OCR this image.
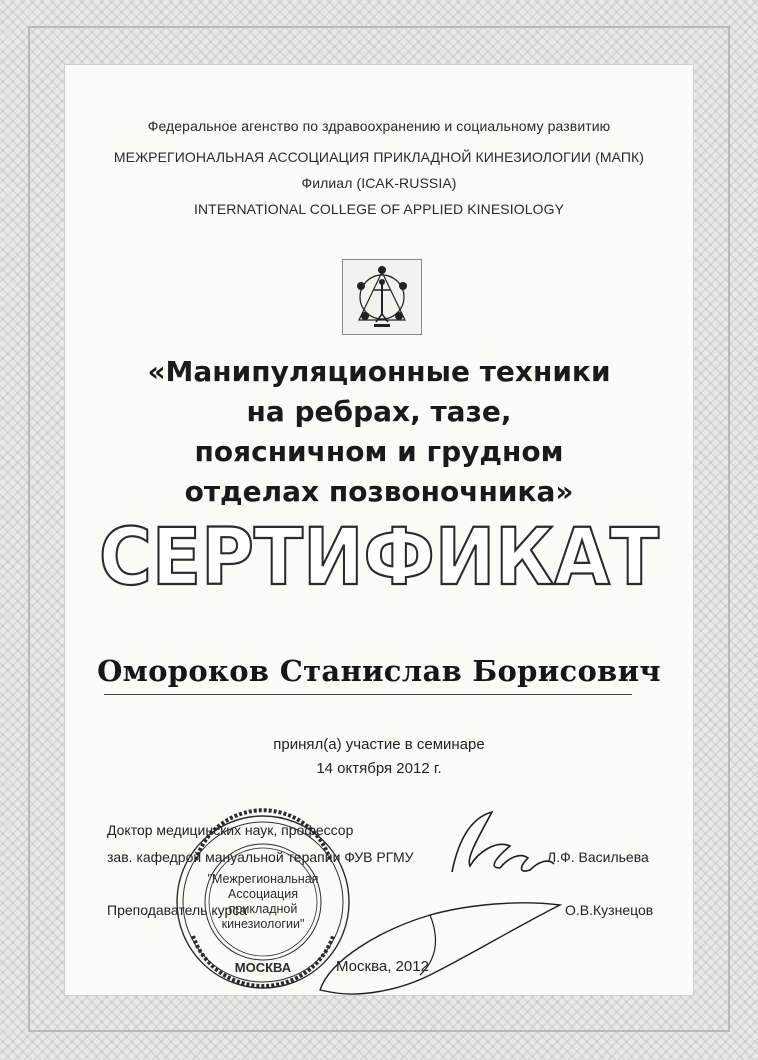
Федеральное агенство по здравоохранению и социальному развитию
МЕЖРЕГИОНАЛЬНАЯ АССОЦИАЦИЯ ПРИКЛАДНОЙ КИНЕЗИОЛОГИИ (МАПК)
Филиал (ICAK-RUSSIA)
INTERNATIONAL COLLEGE OF APPLIED KINESIOLOGY
«Манипуляционные техники
на ребрах, тазе,
поясничном и грудном
отделах позвоночника»
СЕРТИФИКАТ
Омороков Станислав Борисович
принял(а) участие в семинаре
14 октября 2012 г.
Доктор медицинских наук, профессор
зав. кафедрой мануальной терапии ФУВ РГМУ	Л.Ф. Васильева
Преподаватель курса	О.В.Кузнецов
Москва, 2012
"Межрегиональная
Ассоциация
прикладной
кинезиологии"
МОСКВА
